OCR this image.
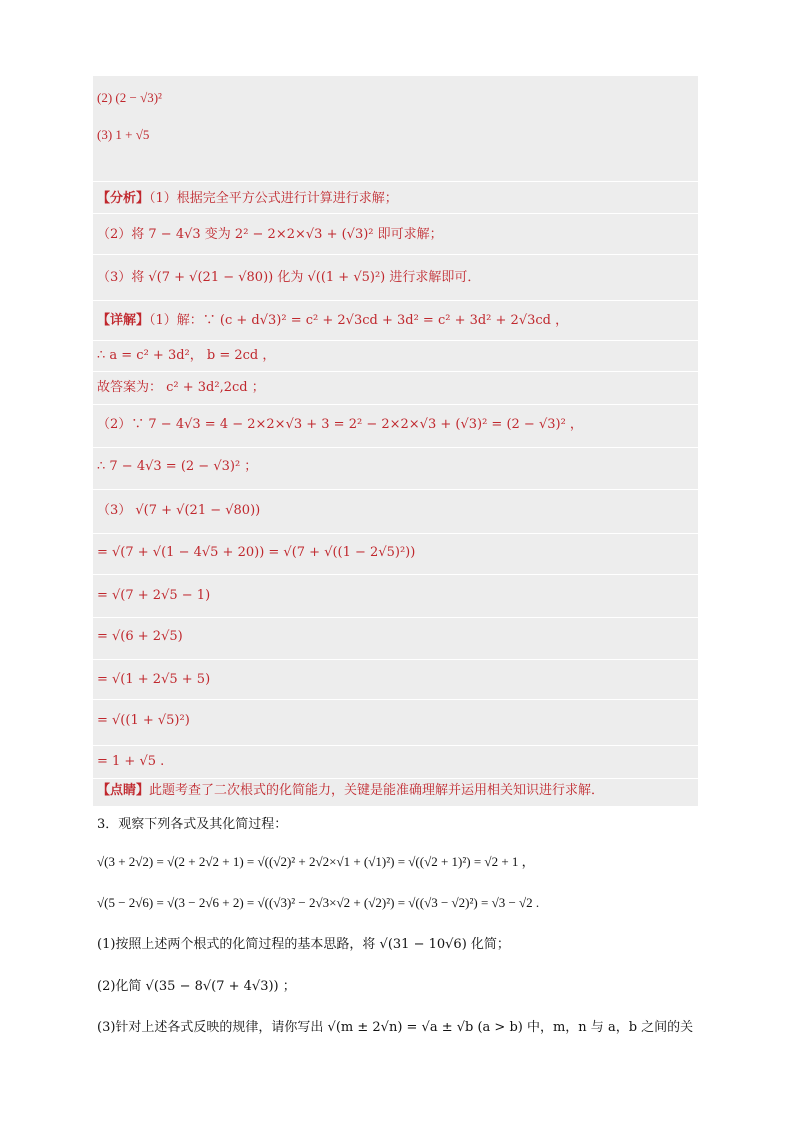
(2) (2 − √3)²
(3) 1 + √5
【分析】（1）根据完全平方公式进行计算进行求解；
（2）将 7 − 4√3 变为 2² − 2×2×√3 + (√3)² 即可求解；
（3）将 √(7 + √(21 − √80)) 化为 √((1 + √5)²) 进行求解即可．
【详解】（1）解：∵ (c + d√3)² = c² + 2√3cd + 3d² = c² + 3d² + 2√3cd ，
∴ a = c² + 3d²， b = 2cd ，
故答案为： c² + 3d²,2cd ；
（2）∵ 7 − 4√3 = 4 − 2×2×√3 + 3 = 2² − 2×2×√3 + (√3)² = (2 − √3)² ，
∴ 7 − 4√3 = (2 − √3)² ；
（3） √(7 + √(21 − √80))
= √(7 + √(1 − 4√5 + 20)) = √(7 + √((1 − 2√5)²))
= √(7 + 2√5 − 1)
= √(6 + 2√5)
= √(1 + 2√5 + 5)
= √((1 + √5)²)
= 1 + √5 .
【点睛】此题考查了二次根式的化简能力，关键是能准确理解并运用相关知识进行求解．
3．观察下列各式及其化简过程：
√(3 + 2√2) = √(2 + 2√2 + 1) = √((√2)² + 2√2×√1 + (√1)²) = √((√2 + 1)²) = √2 + 1 ，
√(5 − 2√6) = √(3 − 2√6 + 2) = √((√3)² − 2√3×√2 + (√2)²) = √((√3 − √2)²) = √3 − √2 .
(1)按照上述两个根式的化简过程的基本思路，将 √(31 − 10√6) 化简；
(2)化简 √(35 − 8√(7 + 4√3)) ；
(3)针对上述各式反映的规律，请你写出 √(m ± 2√n) = √a ± √b (a > b) 中，m，n 与 a，b 之间的关
